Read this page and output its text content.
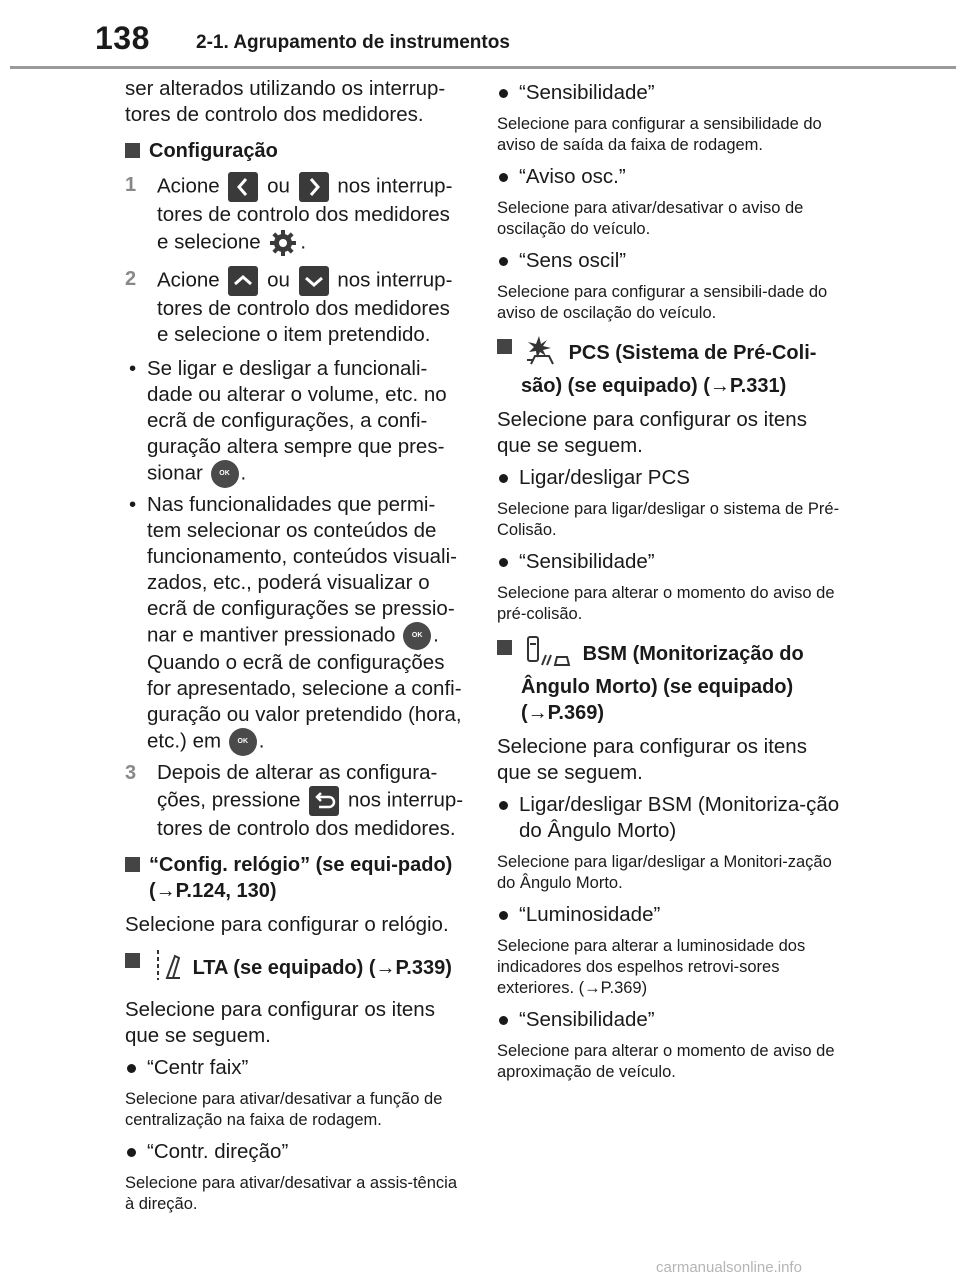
138 2-1. Agrupamento de instrumentos

ser alterados utilizando os interrup-tores de controlo dos medidores.

Configuração
1 Acione ou nos interrup-tores de controlo dos medidores e selecione .
2 Acione ou nos interrup-tores de controlo dos medidores e selecione o item pretendido.
• Se ligar e desligar a funcionali-dade ou alterar o volume, etc. no ecrã de configurações, a confi-guração altera sempre que pres-sionar OK .
• Nas funcionalidades que permi-tem selecionar os conteúdos de funcionamento, conteúdos visuali-zados, etc., poderá visualizar o ecrã de configurações se pressio-nar e mantiver pressionado OK . Quando o ecrã de configurações for apresentado, selecione a confi-guração ou valor pretendido (hora, etc.) em OK .
3 Depois de alterar as configura-ções, pressione nos interrup-tores de controlo dos medidores.
“Config. relógio” (se equi-pado) (→P.124, 130)

Selecione para configurar o relógio.

LTA (se equipado) (→P.339)

Selecione para configurar os itens que se seguem.

“Centr faix”

Selecione para ativar/desativar a função de centralização na faixa de rodagem.

“Contr. direção”

Selecione para ativar/desativar a assis-tência à direção.

“Sensibilidade”

Selecione para configurar a sensibilidade do aviso de saída da faixa de rodagem.

“Aviso osc.”

Selecione para ativar/desativar o aviso de oscilação do veículo.

“Sens oscil”

Selecione para configurar a sensibili-dade do aviso de oscilação do veículo.

PCS (Sistema de Pré-Coli-são) (se equipado) (→P.331)

Selecione para configurar os itens que se seguem.

Ligar/desligar PCS

Selecione para ligar/desligar o sistema de Pré-Colisão.

“Sensibilidade”

Selecione para alterar o momento do aviso de pré-colisão.

BSM (Monitorização do Ângulo Morto) (se equipado) (→P.369)

Selecione para configurar os itens que se seguem.

Ligar/desligar BSM (Monitoriza-ção do Ângulo Morto)

Selecione para ligar/desligar a Monitori-zação do Ângulo Morto.

“Luminosidade”

Selecione para alterar a luminosidade dos indicadores dos espelhos retrovi-sores exteriores. (→P.369)

“Sensibilidade”

Selecione para alterar o momento de aviso de aproximação de veículo.

carmanualsonline.info
